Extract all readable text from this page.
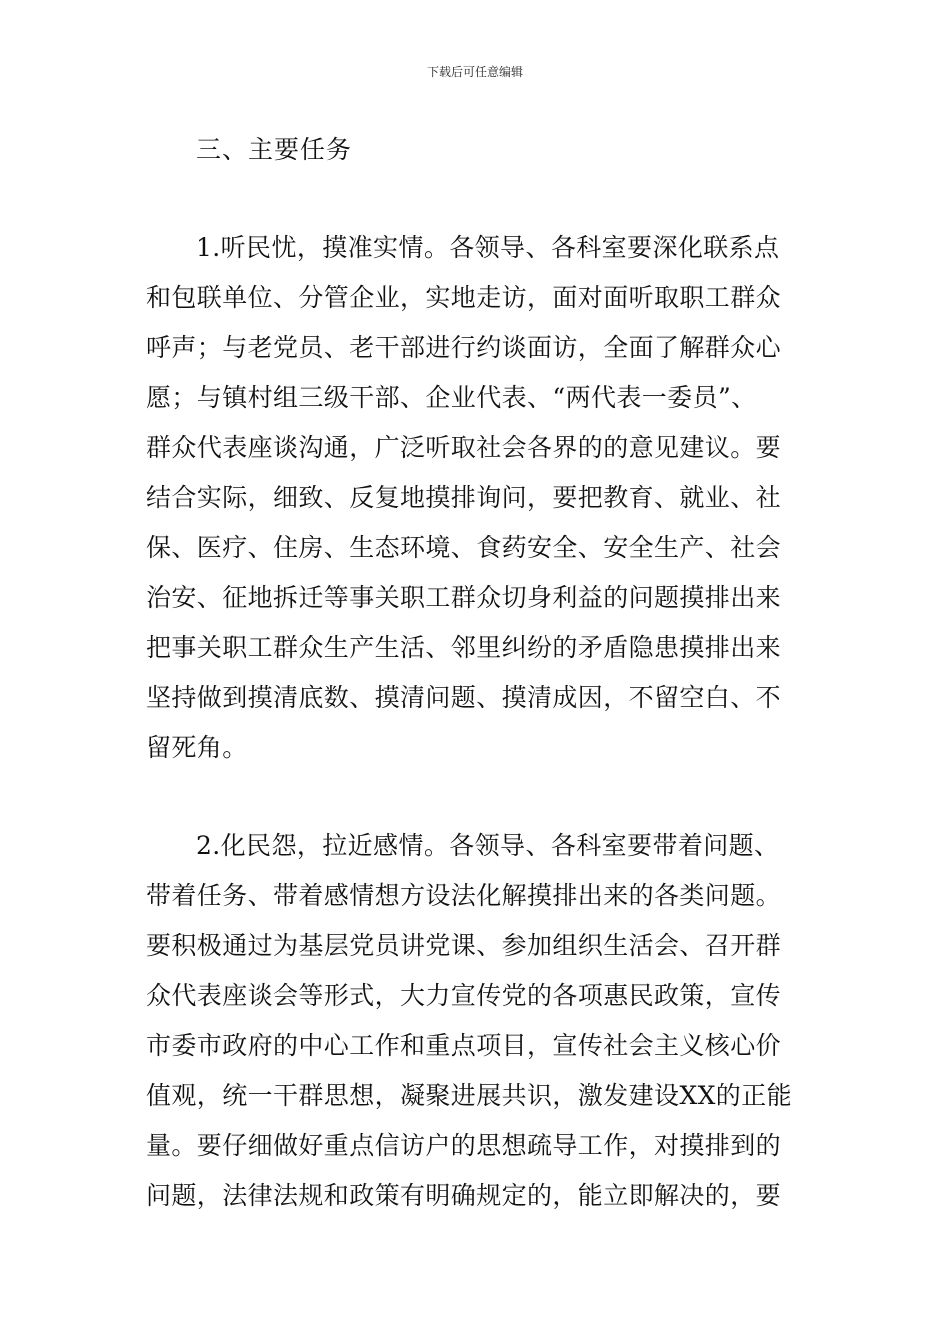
下载后可任意编辑
三、主要任务
1.听民忧，摸准实情。各领导、各科室要深化联系点
和包联单位、分管企业，实地走访，面对面听取职工群众
呼声；与老党员、老干部进行约谈面访，全面了解群众心
愿；与镇村组三级干部、企业代表、“两代表一委员”、
群众代表座谈沟通，广泛听取社会各界的的意见建议。要
结合实际，细致、反复地摸排询问，要把教育、就业、社
保、医疗、住房、生态环境、食药安全、安全生产、社会
治安、征地拆迁等事关职工群众切身利益的问题摸排出来
把事关职工群众生产生活、邻里纠纷的矛盾隐患摸排出来
坚持做到摸清底数、摸清问题、摸清成因，不留空白、不
留死角。
2.化民怨，拉近感情。各领导、各科室要带着问题、
带着任务、带着感情想方设法化解摸排出来的各类问题。
要积极通过为基层党员讲党课、参加组织生活会、召开群
众代表座谈会等形式，大力宣传党的各项惠民政策，宣传
市委市政府的中心工作和重点项目，宣传社会主义核心价
值观，统一干群思想，凝聚进展共识，激发建设XX的正能
量。要仔细做好重点信访户的思想疏导工作，对摸排到的
问题，法律法规和政策有明确规定的，能立即解决的，要
